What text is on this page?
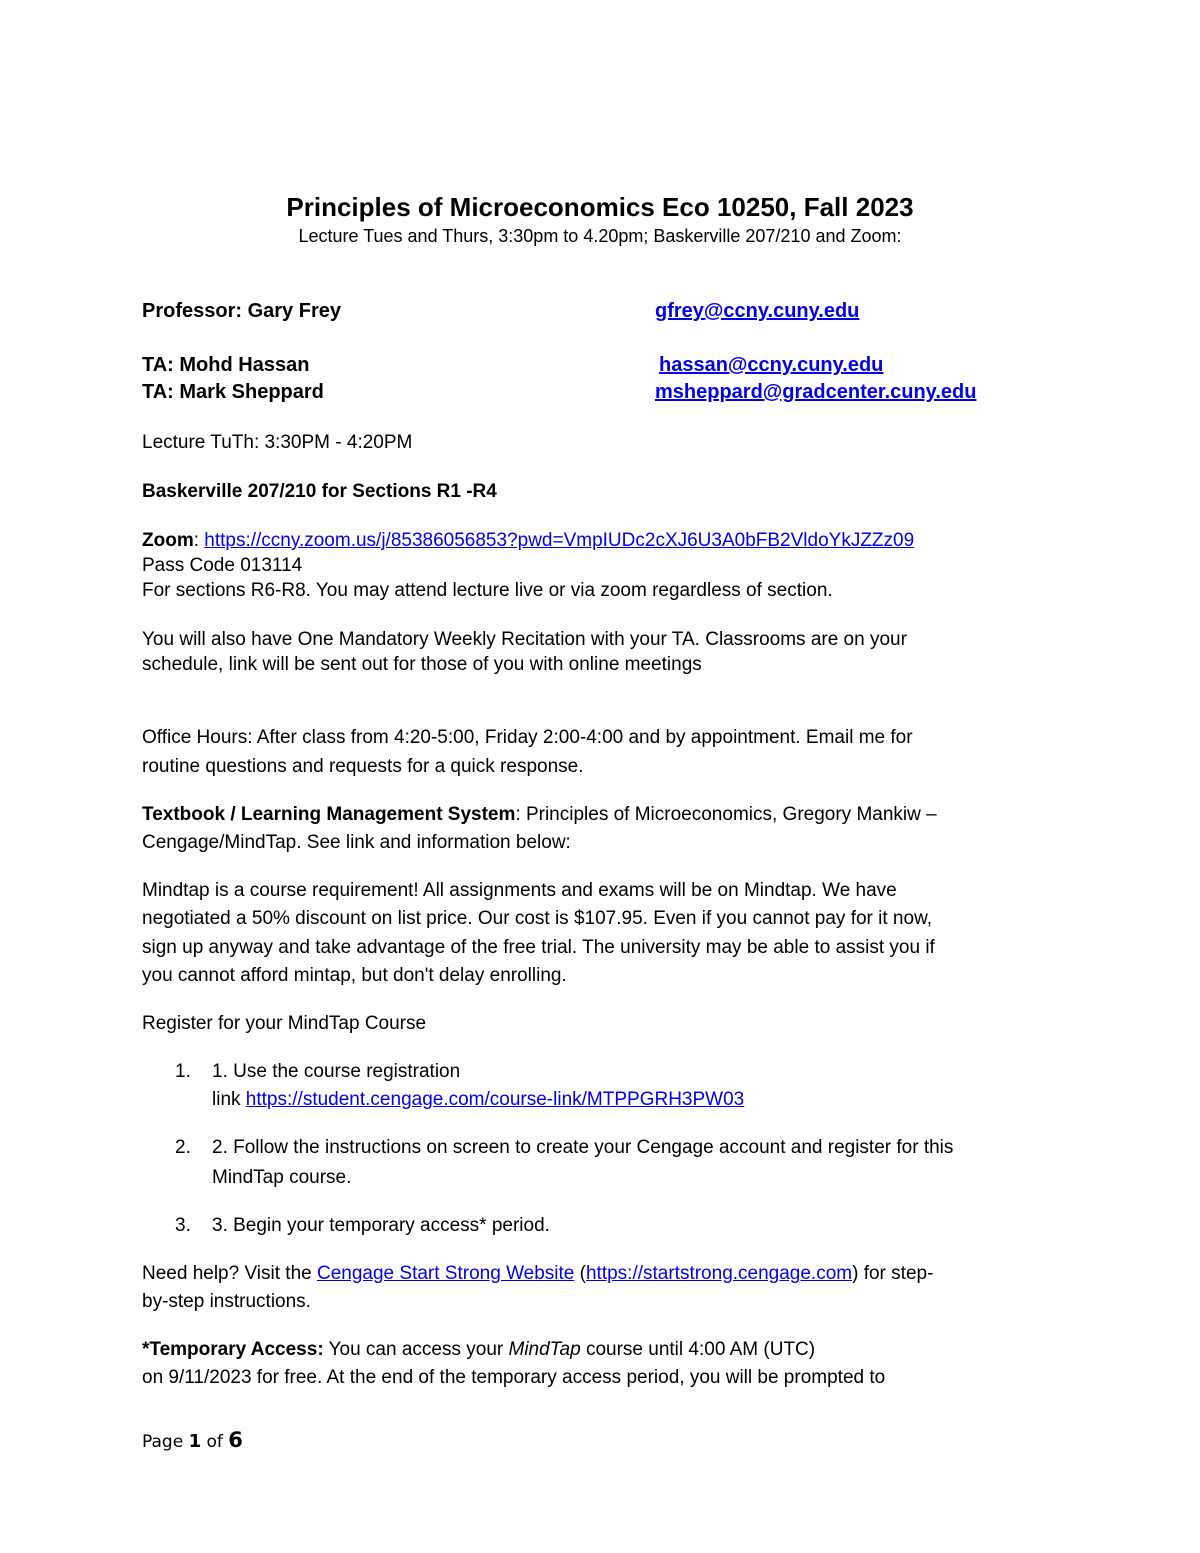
Principles of Microeconomics Eco 10250, Fall 2023
Lecture Tues and Thurs, 3:30pm to 4.20pm; Baskerville 207/210 and Zoom:
Professor: Gary Frey	gfrey@ccny.cuny.edu
TA: Mohd Hassan	hassan@ccny.cuny.edu
TA: Mark Sheppard	msheppard@gradcenter.cuny.edu
Lecture TuTh: 3:30PM - 4:20PM
Baskerville 207/210 for Sections R1 -R4
Zoom: https://ccny.zoom.us/j/85386056853?pwd=VmpIUDc2cXJ6U3A0bFB2VldoYkJZZz09
Pass Code 013114
For sections R6-R8. You may attend lecture live or via zoom regardless of section.
You will also have One Mandatory Weekly Recitation with your TA. Classrooms are on your
schedule, link will be sent out for those of you with online meetings
Office Hours: After class from 4:20-5:00, Friday 2:00-4:00 and by appointment. Email me for
routine questions and requests for a quick response.
Textbook / Learning Management System: Principles of Microeconomics, Gregory Mankiw –
Cengage/MindTap. See link and information below:
Mindtap is a course requirement! All assignments and exams will be on Mindtap. We have
negotiated a 50% discount on list price. Our cost is $107.95. Even if you cannot pay for it now,
sign up anyway and take advantage of the free trial. The university may be able to assist you if
you cannot afford mintap, but don't delay enrolling.
Register for your MindTap Course
1. 1. Use the course registration
link https://student.cengage.com/course-link/MTPPGRH3PW03
2. 2. Follow the instructions on screen to create your Cengage account and register for this
MindTap course.
3. 3. Begin your temporary access* period.
Need help? Visit the Cengage Start Strong Website (https://startstrong.cengage.com) for step-
by-step instructions.
*Temporary Access: You can access your MindTap course until 4:00 AM (UTC)
on 9/11/2023 for free. At the end of the temporary access period, you will be prompted to
Page 1 of 6
